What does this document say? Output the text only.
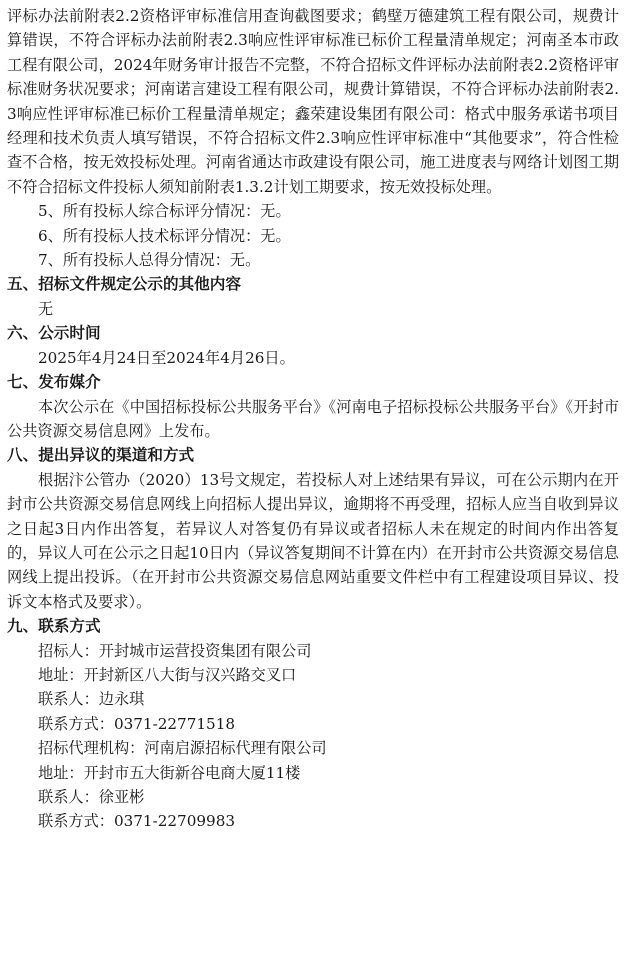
评标办法前附表2.2资格评审标准信用查询截图要求；鹤壁万德建筑工程有限公司，规费计算错误，不符合评标办法前附表2.3响应性评审标准已标价工程量清单规定；河南圣本市政工程有限公司，2024年财务审计报告不完整，不符合招标文件评标办法前附表2.2资格评审标准财务状况要求；河南诺言建设工程有限公司，规费计算错误，不符合评标办法前附表2.3响应性评审标准已标价工程量清单规定；鑫荣建设集团有限公司：格式中服务承诺书项目经理和技术负责人填写错误，不符合招标文件2.3响应性评审标准中“其他要求”，符合性检查不合格，按无效投标处理。河南省通达市政建设有限公司，施工进度表与网络计划图工期不符合招标文件投标人须知前附表1.3.2计划工期要求，按无效投标处理。

5、所有投标人综合标评分情况：无。

6、所有投标人技术标评分情况：无。

7、所有投标人总得分情况：无。

五、招标文件规定公示的其他内容

无

六、公示时间

2025年4月24日至2024年4月26日。

七、发布媒介

本次公示在《中国招标投标公共服务平台》《河南电子招标投标公共服务平台》《开封市公共资源交易信息网》上发布。

八、提出异议的渠道和方式

根据汴公管办（2020）13号文规定，若投标人对上述结果有异议，可在公示期内在开封市公共资源交易信息网线上向招标人提出异议，逾期将不再受理，招标人应当自收到异议之日起3日内作出答复，若异议人对答复仍有异议或者招标人未在规定的时间内作出答复的，异议人可在公示之日起10日内（异议答复期间不计算在内）在开封市公共资源交易信息网线上提出投诉。（在开封市公共资源交易信息网站重要文件栏中有工程建设项目异议、投诉文本格式及要求）。

九、联系方式

招标人：开封城市运营投资集团有限公司

地址：开封新区八大街与汉兴路交叉口

联系人：边永琪

联系方式：0371-22771518

招标代理机构：河南启源招标代理有限公司

地址：开封市五大街新谷电商大厦11楼

联系人：徐亚彬

联系方式：0371-22709983
